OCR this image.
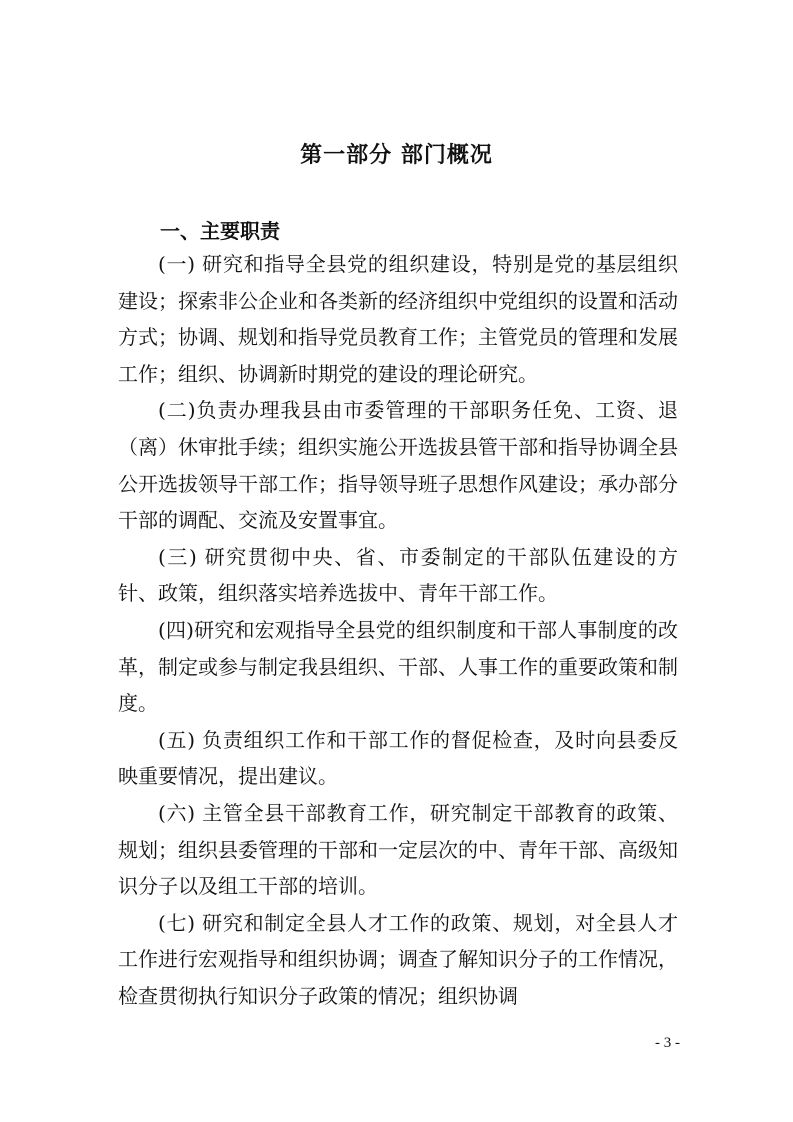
第一部分 部门概况
一、主要职责

(一) 研究和指导全县党的组织建设，特别是党的基层组织建设；探索非公企业和各类新的经济组织中党组织的设置和活动方式；协调、规划和指导党员教育工作；主管党员的管理和发展工作；组织、协调新时期党的建设的理论研究。

(二)负责办理我县由市委管理的干部职务任免、工资、退（离）休审批手续；组织实施公开选拔县管干部和指导协调全县公开选拔领导干部工作；指导领导班子思想作风建设；承办部分干部的调配、交流及安置事宜。

(三) 研究贯彻中央、省、市委制定的干部队伍建设的方针、政策，组织落实培养选拔中、青年干部工作。

(四)研究和宏观指导全县党的组织制度和干部人事制度的改革，制定或参与制定我县组织、干部、人事工作的重要政策和制度。

(五) 负责组织工作和干部工作的督促检查，及时向县委反映重要情况，提出建议。

(六) 主管全县干部教育工作，研究制定干部教育的政策、规划；组织县委管理的干部和一定层次的中、青年干部、高级知识分子以及组工干部的培训。

(七) 研究和制定全县人才工作的政策、规划，对全县人才工作进行宏观指导和组织协调；调查了解知识分子的工作情况，检查贯彻执行知识分子政策的情况；组织协调

- 3 -
